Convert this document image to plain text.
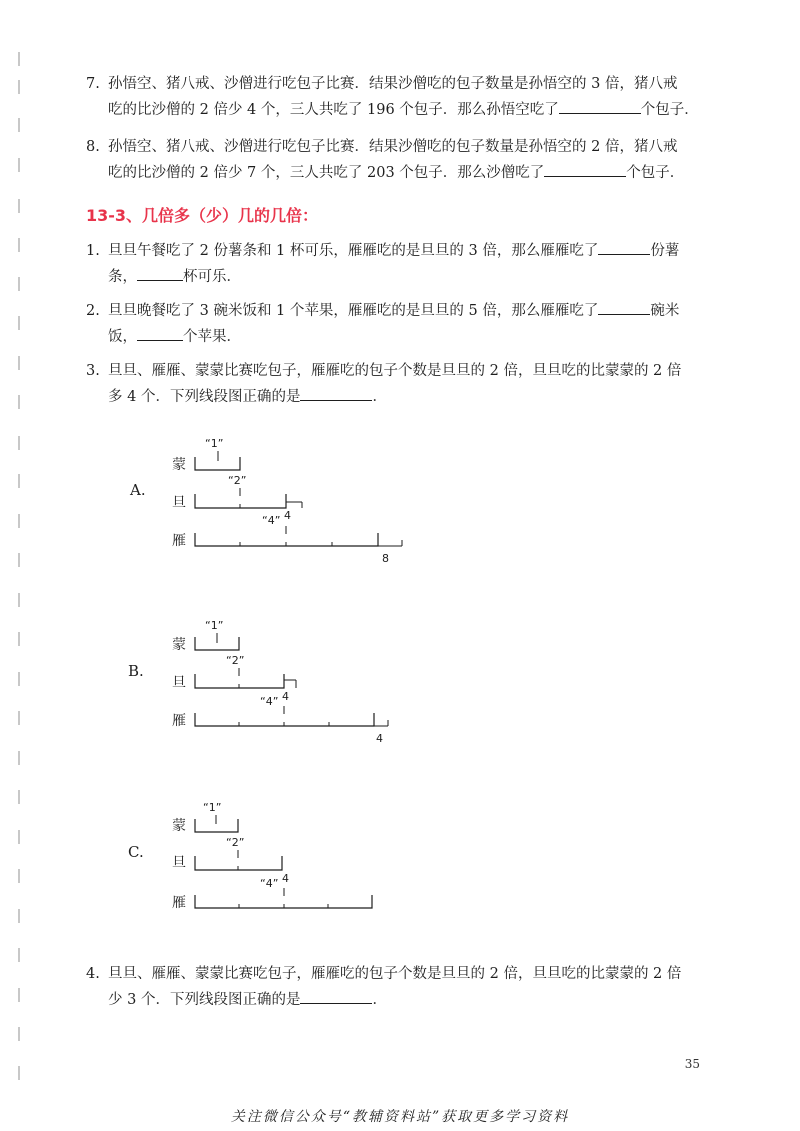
7. 孙悟空、猪八戒、沙僧进行吃包子比赛．结果沙僧吃的包子数量是孙悟空的 3 倍，猪八戒
吃的比沙僧的 2 倍少 4 个，三人共吃了 196 个包子．那么孙悟空吃了	个包子．
8. 孙悟空、猪八戒、沙僧进行吃包子比赛．结果沙僧吃的包子数量是孙悟空的 2 倍，猪八戒
吃的比沙僧的 2 倍少 7 个，三人共吃了 203 个包子．那么沙僧吃了	个包子．
13-3、几倍多（少）几的几倍：
1. 旦旦午餐吃了 2 份薯条和 1 杯可乐，雁雁吃的是旦旦的 3 倍，那么雁雁吃了	份薯
条，	杯可乐．
2. 旦旦晚餐吃了 3 碗米饭和 1 个苹果，雁雁吃的是旦旦的 5 倍，那么雁雁吃了	碗米
饭，	个苹果．
3. 旦旦、雁雁、蒙蒙比赛吃包子，雁雁吃的包子个数是旦旦的 2 倍，旦旦吃的比蒙蒙的 2 倍
多 4 个．下列线段图正确的是	．
A.
“1”
蒙
“2”
旦
“4” 4
雁
8
B.
“1”
蒙
“2”
旦
“4” 4
雁
4
C.
“1”
蒙
“2”
旦
“4” 4
雁
4. 旦旦、雁雁、蒙蒙比赛吃包子，雁雁吃的包子个数是旦旦的 2 倍，旦旦吃的比蒙蒙的 2 倍
少 3 个．下列线段图正确的是	．
35
关注微信公众号“教辅资料站”获取更多学习资料
